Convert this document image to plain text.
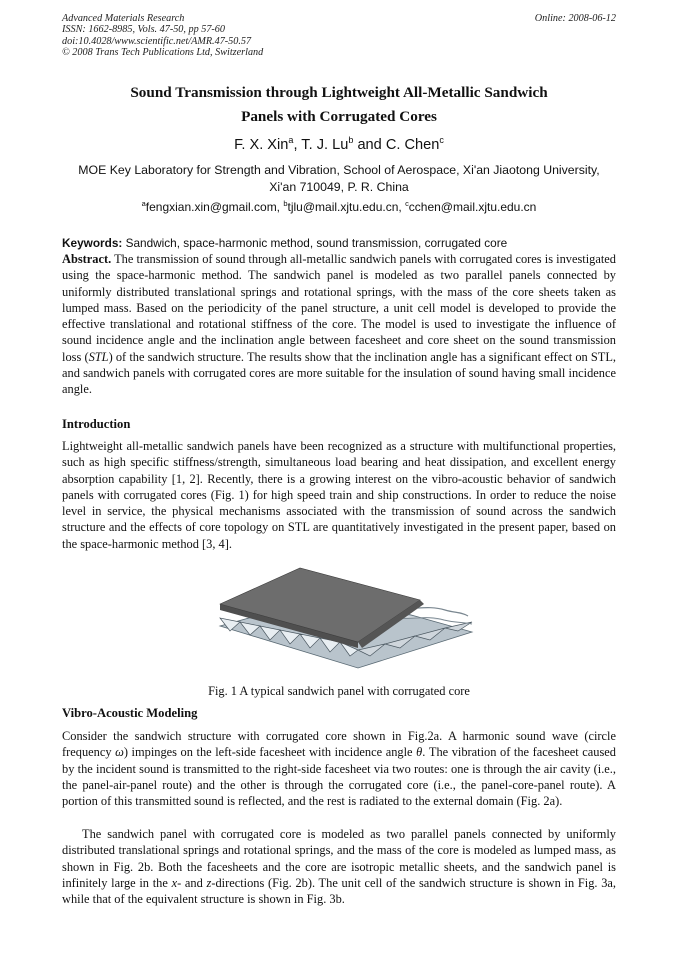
Advanced Materials Research
ISSN: 1662-8985, Vols. 47-50, pp 57-60
doi:10.4028/www.scientific.net/AMR.47-50.57
© 2008 Trans Tech Publications Ltd, Switzerland
Online: 2008-06-12
Sound Transmission through Lightweight All-Metallic Sandwich
Panels with Corrugated Cores
F. X. Xin$^a$, T. J. Lu$^b$ and C. Chen$^c$
MOE Key Laboratory for Strength and Vibration, School of Aerospace, Xi'an Jiaotong University,
Xi'an 710049, P. R. China
$^a$fengxian.xin@gmail.com, $^b$tjlu@mail.xjtu.edu.cn, $^c$cchen@mail.xjtu.edu.cn
Keywords: Sandwich, space-harmonic method, sound transmission, corrugated core
Abstract. The transmission of sound through all-metallic sandwich panels with corrugated cores is investigated using the space-harmonic method. The sandwich panel is modeled as two parallel panels connected by uniformly distributed translational springs and rotational springs, with the mass of the core sheets taken as lumped mass. Based on the periodicity of the panel structure, a unit cell model is developed to provide the effective translational and rotational stiffness of the core. The model is used to investigate the influence of sound incidence angle and the inclination angle between facesheet and core sheet on the sound transmission loss (STL) of the sandwich structure. The results show that the inclination angle has a significant effect on STL, and sandwich panels with corrugated cores are more suitable for the insulation of sound having small incidence angle.
Introduction
Lightweight all-metallic sandwich panels have been recognized as a structure with multifunctional properties, such as high specific stiffness/strength, simultaneous load bearing and heat dissipation, and excellent energy absorption capability [1, 2]. Recently, there is a growing interest on the vibro-acoustic behavior of sandwich panels with corrugated cores (Fig. 1) for high speed train and ship constructions. In order to reduce the noise level in service, the physical mechanisms associated with the transmission of sound across the sandwich structure and the effects of core topology on STL are quantitatively investigated in the present paper, based on the space-harmonic method [3, 4].
Fig. 1 A typical sandwich panel with corrugated core
Vibro-Acoustic Modeling
Consider the sandwich structure with corrugated core shown in Fig.2a. A harmonic sound wave (circle frequency ω) impinges on the left-side facesheet with incidence angle θ. The vibration of the facesheet caused by the incident sound is transmitted to the right-side facesheet via two routes: one is through the air cavity (i.e., the panel-air-panel route) and the other is through the corrugated core (i.e., the panel-core-panel route). A portion of this transmitted sound is reflected, and the rest is radiated to the external domain (Fig. 2a).
The sandwich panel with corrugated core is modeled as two parallel panels connected by uniformly distributed translational springs and rotational springs, and the mass of the core is modeled as lumped mass, as shown in Fig. 2b. Both the facesheets and the core are isotropic metallic sheets, and the sandwich panel is infinitely large in the x- and z-directions (Fig. 2b). The unit cell of the sandwich structure is shown in Fig. 3a, while that of the equivalent structure is shown in Fig. 3b.
